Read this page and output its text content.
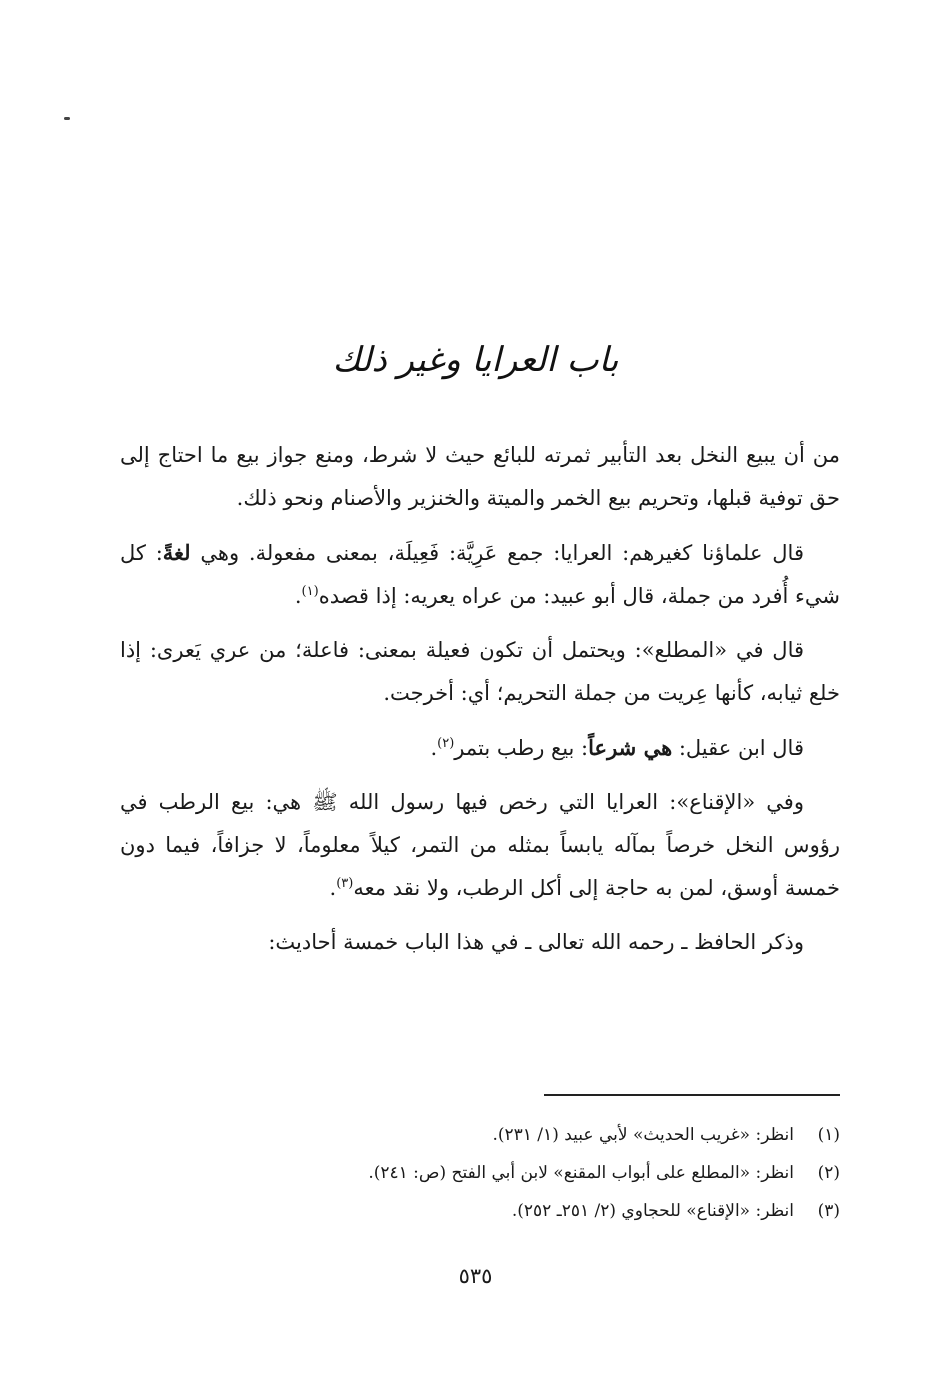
باب العرايا وغير ذلك

من أن يبيع النخل بعد التأبير ثمرته للبائع حيث لا شرط، ومنع جواز بيع ما احتاج إلى حق توفية قبلها، وتحريم بيع الخمر والميتة والخنزير والأصنام ونحو ذلك.

قال علماؤنا كغيرهم: العرايا: جمع عَرِيَّة: فَعِيلَة، بمعنى مفعولة. وهي لغةً: كل شيء أُفرد من جملة، قال أبو عبيد: من عراه يعريه: إذا قصده$^{(١)}$.

قال في «المطلع»: ويحتمل أن تكون فعيلة بمعنى: فاعلة؛ من عري يَعرى: إذا خلع ثيابه، كأنها عِريت من جملة التحريم؛ أي: أخرجت.

قال ابن عقيل: هي شرعاً: بيع رطب بتمر$^{(٢)}$.

وفي «الإقناع»: العرايا التي رخص فيها رسول الله ﷺ هي: بيع الرطب في رؤوس النخل خرصاً بمآله يابساً بمثله من التمر، كيلاً معلوماً، لا جزافاً، فيما دون خمسة أوسق، لمن به حاجة إلى أكل الرطب، ولا نقد معه$^{(٣)}$.

وذكر الحافظ ـ رحمه الله تعالى ـ في هذا الباب خمسة أحاديث:

(١)انظر: «غريب الحديث» لأبي عبيد (١/ ٢٣١).

(٢)انظر: «المطلع على أبواب المقنع» لابن أبي الفتح (ص: ٢٤١).

(٣)انظر: «الإقناع» للحجاوي (٢/ ٢٥١ـ ٢٥٢).

٥٣٥
